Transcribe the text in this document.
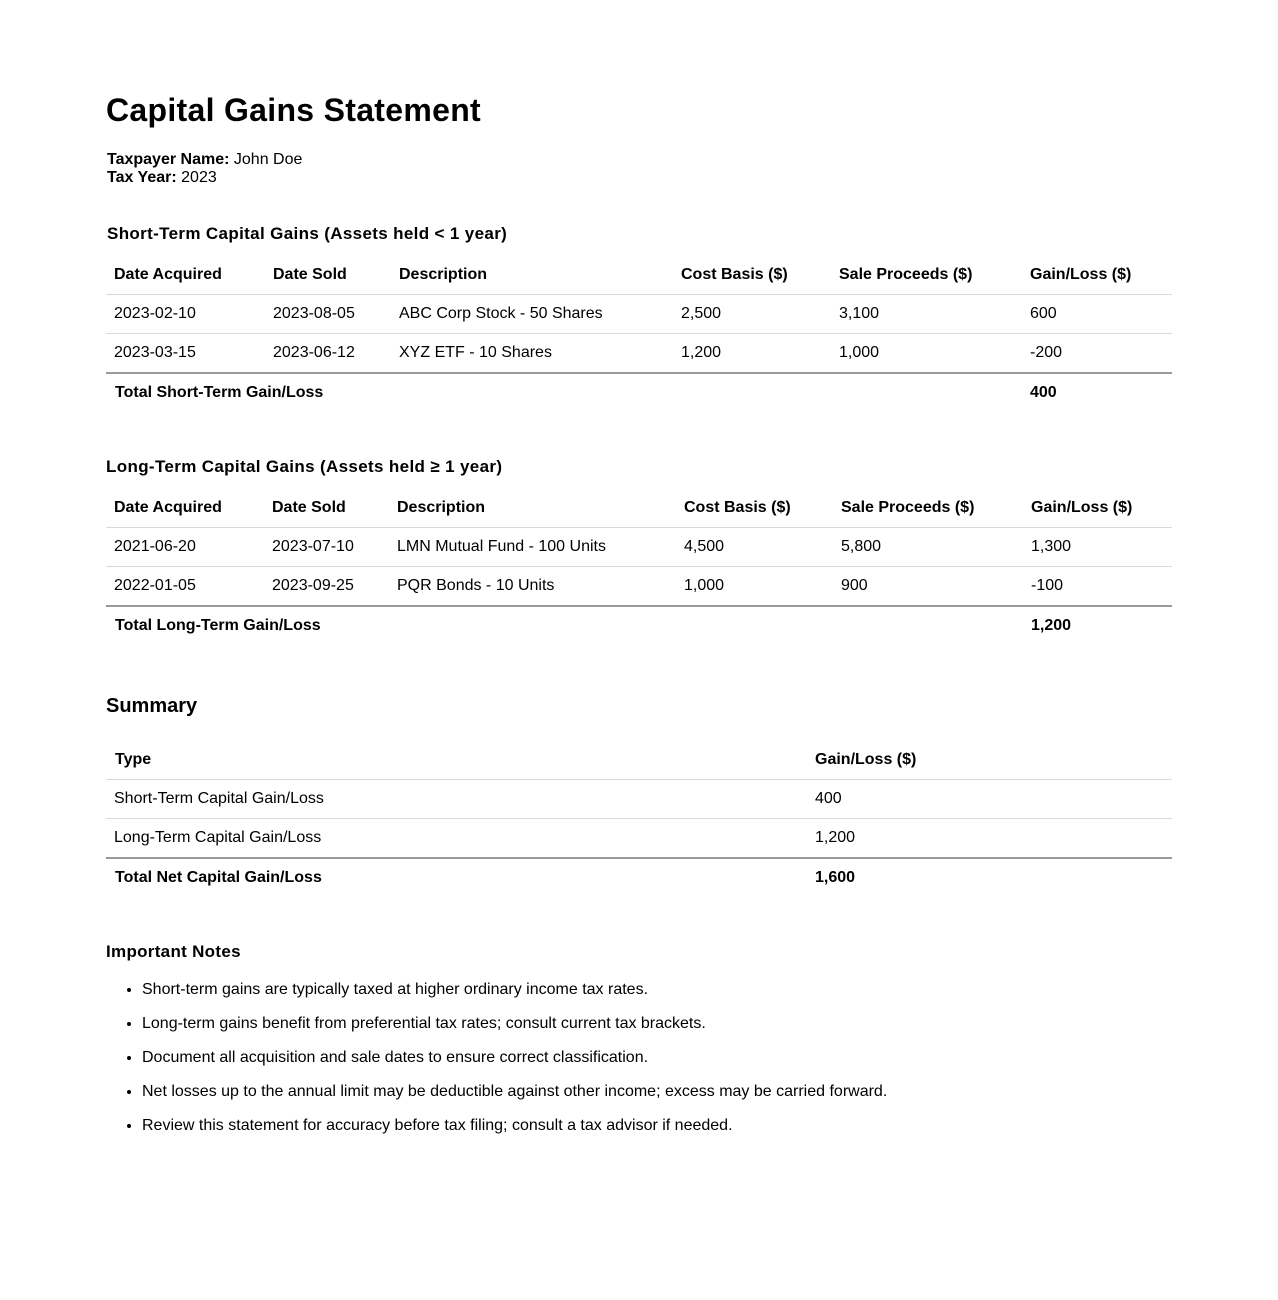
Capital Gains Statement
Taxpayer Name: John Doe
Tax Year: 2023
Short-Term Capital Gains (Assets held < 1 year)
Date Acquired	Date Sold	Description	Cost Basis ($)	Sale Proceeds ($)	Gain/Loss ($)
2023-02-10	2023-08-05	ABC Corp Stock - 50 Shares	2,500	3,100	600
2023-03-15	2023-06-12	XYZ ETF - 10 Shares	1,200	1,000	-200
Total Short-Term Gain/Loss					400
Long-Term Capital Gains (Assets held ≥ 1 year)
Date Acquired	Date Sold	Description	Cost Basis ($)	Sale Proceeds ($)	Gain/Loss ($)
2021-06-20	2023-07-10	LMN Mutual Fund - 100 Units	4,500	5,800	1,300
2022-01-05	2023-09-25	PQR Bonds - 10 Units	1,000	900	-100
Total Long-Term Gain/Loss					1,200
Summary
Type	Gain/Loss ($)
Short-Term Capital Gain/Loss	400
Long-Term Capital Gain/Loss	1,200
Total Net Capital Gain/Loss	1,600
Important Notes
• Short-term gains are typically taxed at higher ordinary income tax rates.
• Long-term gains benefit from preferential tax rates; consult current tax brackets.
• Document all acquisition and sale dates to ensure correct classification.
• Net losses up to the annual limit may be deductible against other income; excess may be carried forward.
• Review this statement for accuracy before tax filing; consult a tax advisor if needed.
